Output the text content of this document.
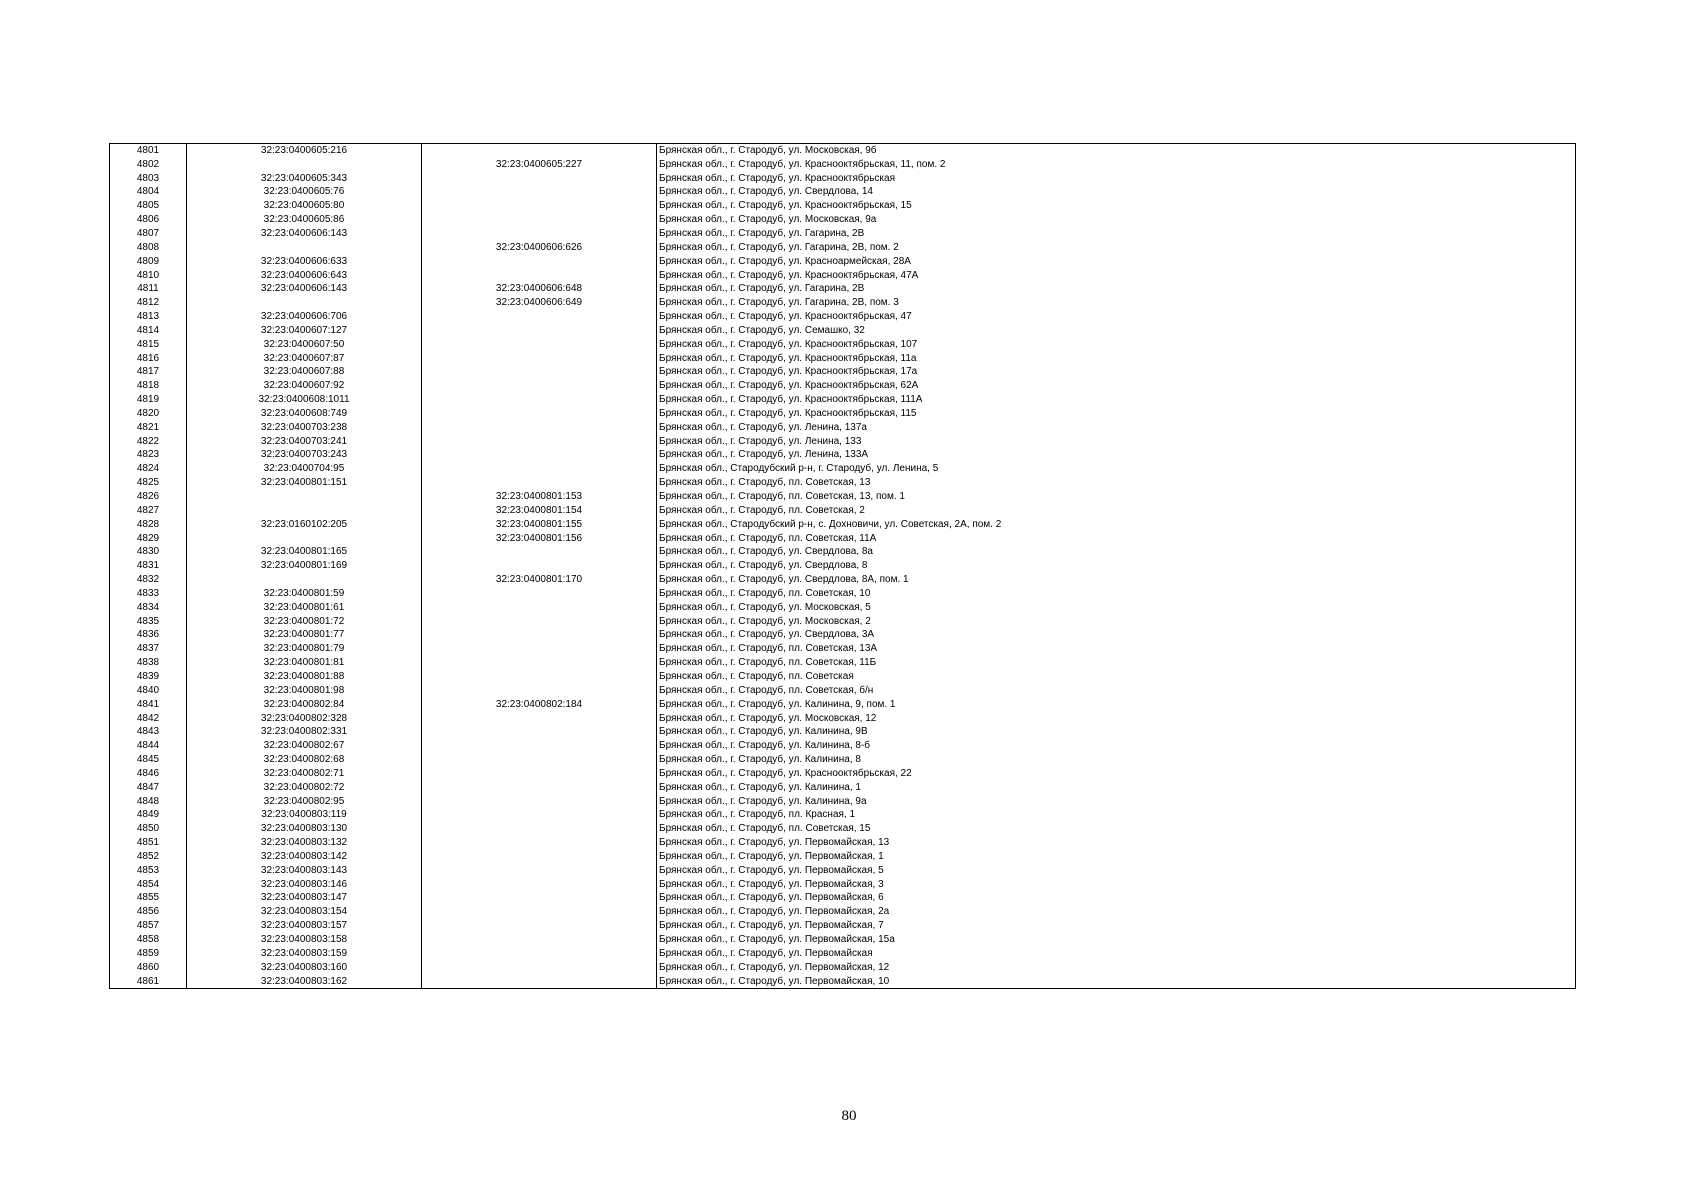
4801	32:23:0400605:216		Брянская обл., г. Стародуб, ул. Московская, 9б
4802		32:23:0400605:227	Брянская обл., г. Стародуб, ул. Краснооктябрьская, 11, пом. 2
4803	32:23:0400605:343		Брянская обл., г. Стародуб, ул. Краснооктябрьская
4804	32:23:0400605:76		Брянская обл., г. Стародуб, ул. Свердлова, 14
4805	32:23:0400605:80		Брянская обл., г. Стародуб, ул. Краснооктябрьская, 15
4806	32:23:0400605:86		Брянская обл., г. Стародуб, ул. Московская, 9а
4807	32:23:0400606:143		Брянская обл., г. Стародуб, ул. Гагарина, 2В
4808		32:23:0400606:626	Брянская обл., г. Стародуб, ул. Гагарина, 2В, пом. 2
4809	32:23:0400606:633		Брянская обл., г. Стародуб, ул. Красноармейская, 28А
4810	32:23:0400606:643		Брянская обл., г. Стародуб, ул. Краснооктябрьская, 47А
4811	32:23:0400606:143	32:23:0400606:648	Брянская обл., г. Стародуб, ул. Гагарина, 2В
4812		32:23:0400606:649	Брянская обл., г. Стародуб, ул. Гагарина, 2В, пом. 3
4813	32:23:0400606:706		Брянская обл., г. Стародуб, ул. Краснооктябрьская, 47
4814	32:23:0400607:127		Брянская обл., г. Стародуб, ул. Семашко, 32
4815	32:23:0400607:50		Брянская обл., г. Стародуб, ул. Краснооктябрьская, 107
4816	32:23:0400607:87		Брянская обл., г. Стародуб, ул. Краснооктябрьская, 11а
4817	32:23:0400607:88		Брянская обл., г. Стародуб, ул. Краснооктябрьская, 17а
4818	32:23:0400607:92		Брянская обл., г. Стародуб, ул. Краснооктябрьская, 62А
4819	32:23:0400608:1011		Брянская обл., г. Стародуб, ул. Краснооктябрьская, 111А
4820	32:23:0400608:749		Брянская обл., г. Стародуб, ул. Краснооктябрьская, 115
4821	32:23:0400703:238		Брянская обл., г. Стародуб, ул. Ленина, 137а
4822	32:23:0400703:241		Брянская обл., г. Стародуб, ул. Ленина, 133
4823	32:23:0400703:243		Брянская обл., г. Стародуб, ул. Ленина, 133А
4824	32:23:0400704:95		Брянская обл., Стародубский р-н, г. Стародуб, ул. Ленина, 5
4825	32:23:0400801:151		Брянская обл., г. Стародуб, пл. Советская, 13
4826		32:23:0400801:153	Брянская обл., г. Стародуб, пл. Советская, 13, пом. 1
4827		32:23:0400801:154	Брянская обл., г. Стародуб, пл. Советская, 2
4828	32:23:0160102:205	32:23:0400801:155	Брянская обл., Стародубский р-н, с. Дохновичи, ул. Советская, 2А, пом. 2
4829		32:23:0400801:156	Брянская обл., г. Стародуб, пл. Советская, 11А
4830	32:23:0400801:165		Брянская обл., г. Стародуб, ул. Свердлова, 8а
4831	32:23:0400801:169		Брянская обл., г. Стародуб, ул. Свердлова, 8
4832		32:23:0400801:170	Брянская обл., г. Стародуб, ул. Свердлова, 8А, пом. 1
4833	32:23:0400801:59		Брянская обл., г. Стародуб, пл. Советская, 10
4834	32:23:0400801:61		Брянская обл., г. Стародуб, ул. Московская, 5
4835	32:23:0400801:72		Брянская обл., г. Стародуб, ул. Московская, 2
4836	32:23:0400801:77		Брянская обл., г. Стародуб, ул. Свердлова, 3А
4837	32:23:0400801:79		Брянская обл., г. Стародуб, пл. Советская, 13А
4838	32:23:0400801:81		Брянская обл., г. Стародуб, пл. Советская, 11Б
4839	32:23:0400801:88		Брянская обл., г. Стародуб, пл. Советская
4840	32:23:0400801:98		Брянская обл., г. Стародуб, пл. Советская, б/н
4841	32:23:0400802:84	32:23:0400802:184	Брянская обл., г. Стародуб, ул. Калинина, 9, пом. 1
4842	32:23:0400802:328		Брянская обл., г. Стародуб, ул. Московская, 12
4843	32:23:0400802:331		Брянская обл., г. Стародуб, ул. Калинина, 9В
4844	32:23:0400802:67		Брянская обл., г. Стародуб, ул. Калинина, 8-б
4845	32:23:0400802:68		Брянская обл., г. Стародуб, ул. Калинина, 8
4846	32:23:0400802:71		Брянская обл., г. Стародуб, ул. Краснооктябрьская, 22
4847	32:23:0400802:72		Брянская обл., г. Стародуб, ул. Калинина, 1
4848	32:23:0400802:95		Брянская обл., г. Стародуб, ул. Калинина, 9а
4849	32:23:0400803:119		Брянская обл., г. Стародуб, пл. Красная, 1
4850	32:23:0400803:130		Брянская обл., г. Стародуб, пл. Советская, 15
4851	32:23:0400803:132		Брянская обл., г. Стародуб, ул. Первомайская, 13
4852	32:23:0400803:142		Брянская обл., г. Стародуб, ул. Первомайская, 1
4853	32:23:0400803:143		Брянская обл., г. Стародуб, ул. Первомайская, 5
4854	32:23:0400803:146		Брянская обл., г. Стародуб, ул. Первомайская, 3
4855	32:23:0400803:147		Брянская обл., г. Стародуб, ул. Первомайская, 6
4856	32:23:0400803:154		Брянская обл., г. Стародуб, ул. Первомайская, 2а
4857	32:23:0400803:157		Брянская обл., г. Стародуб, ул. Первомайская, 7
4858	32:23:0400803:158		Брянская обл., г. Стародуб, ул. Первомайская, 15а
4859	32:23:0400803:159		Брянская обл., г. Стародуб, ул. Первомайская
4860	32:23:0400803:160		Брянская обл., г. Стародуб, ул. Первомайская, 12
4861	32:23:0400803:162		Брянская обл., г. Стародуб, ул. Первомайская, 10
80
